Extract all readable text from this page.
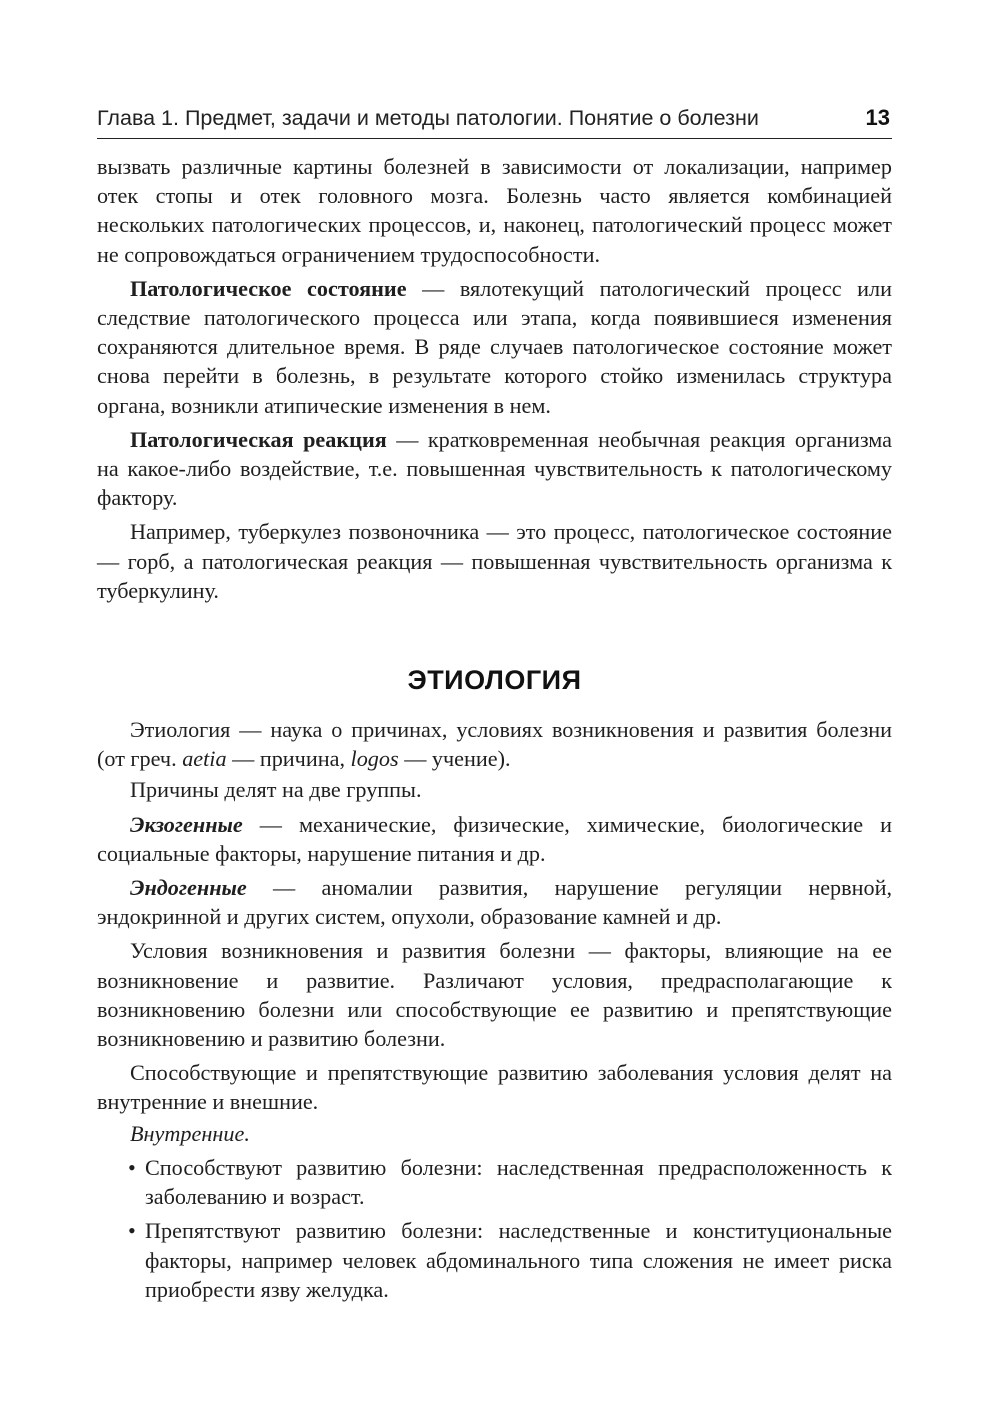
Глава 1. Предмет, задачи и методы патологии. Понятие о болезни	13

вызвать различные картины болезней в зависимости от локализации, например отек стопы и отек головного мозга. Болезнь часто является комбинацией нескольких патологических процессов, и, наконец, патологический процесс может не сопровождаться ограничением трудоспособности.

Патологическое состояние — вялотекущий патологический процесс или следствие патологического процесса или этапа, когда появившиеся изменения сохраняются длительное время. В ряде случаев патологическое состояние может снова перейти в болезнь, в результате которого стойко изменилась структура органа, возникли атипические изменения в нем.

Патологическая реакция — кратковременная необычная реакция организма на какое-либо воздействие, т.е. повышенная чувствительность к патологическому фактору.

Например, туберкулез позвоночника — это процесс, патологическое состояние — горб, а патологическая реакция — повышенная чувствительность организма к туберкулину.

ЭТИОЛОГИЯ

Этиология — наука о причинах, условиях возникновения и развития болезни (от греч. aetia — причина, logos — учение).

Причины делят на две группы.

Экзогенные — механические, физические, химические, биологические и социальные факторы, нарушение питания и др.

Эндогенные — аномалии развития, нарушение регуляции нервной, эндокринной и других систем, опухоли, образование камней и др.

Условия возникновения и развития болезни — факторы, влияющие на ее возникновение и развитие. Различают условия, предрасполагающие к возникновению болезни или способствующие ее развитию и препятствующие возникновению и развитию болезни.

Способствующие и препятствующие развитию заболевания условия делят на внутренние и внешние.

Внутренние.

• Способствуют развитию болезни: наследственная предрасположенность к заболеванию и возраст.
• Препятствуют развитию болезни: наследственные и конституциональные факторы, например человек абдоминального типа сложения не имеет риска приобрести язву желудка.
